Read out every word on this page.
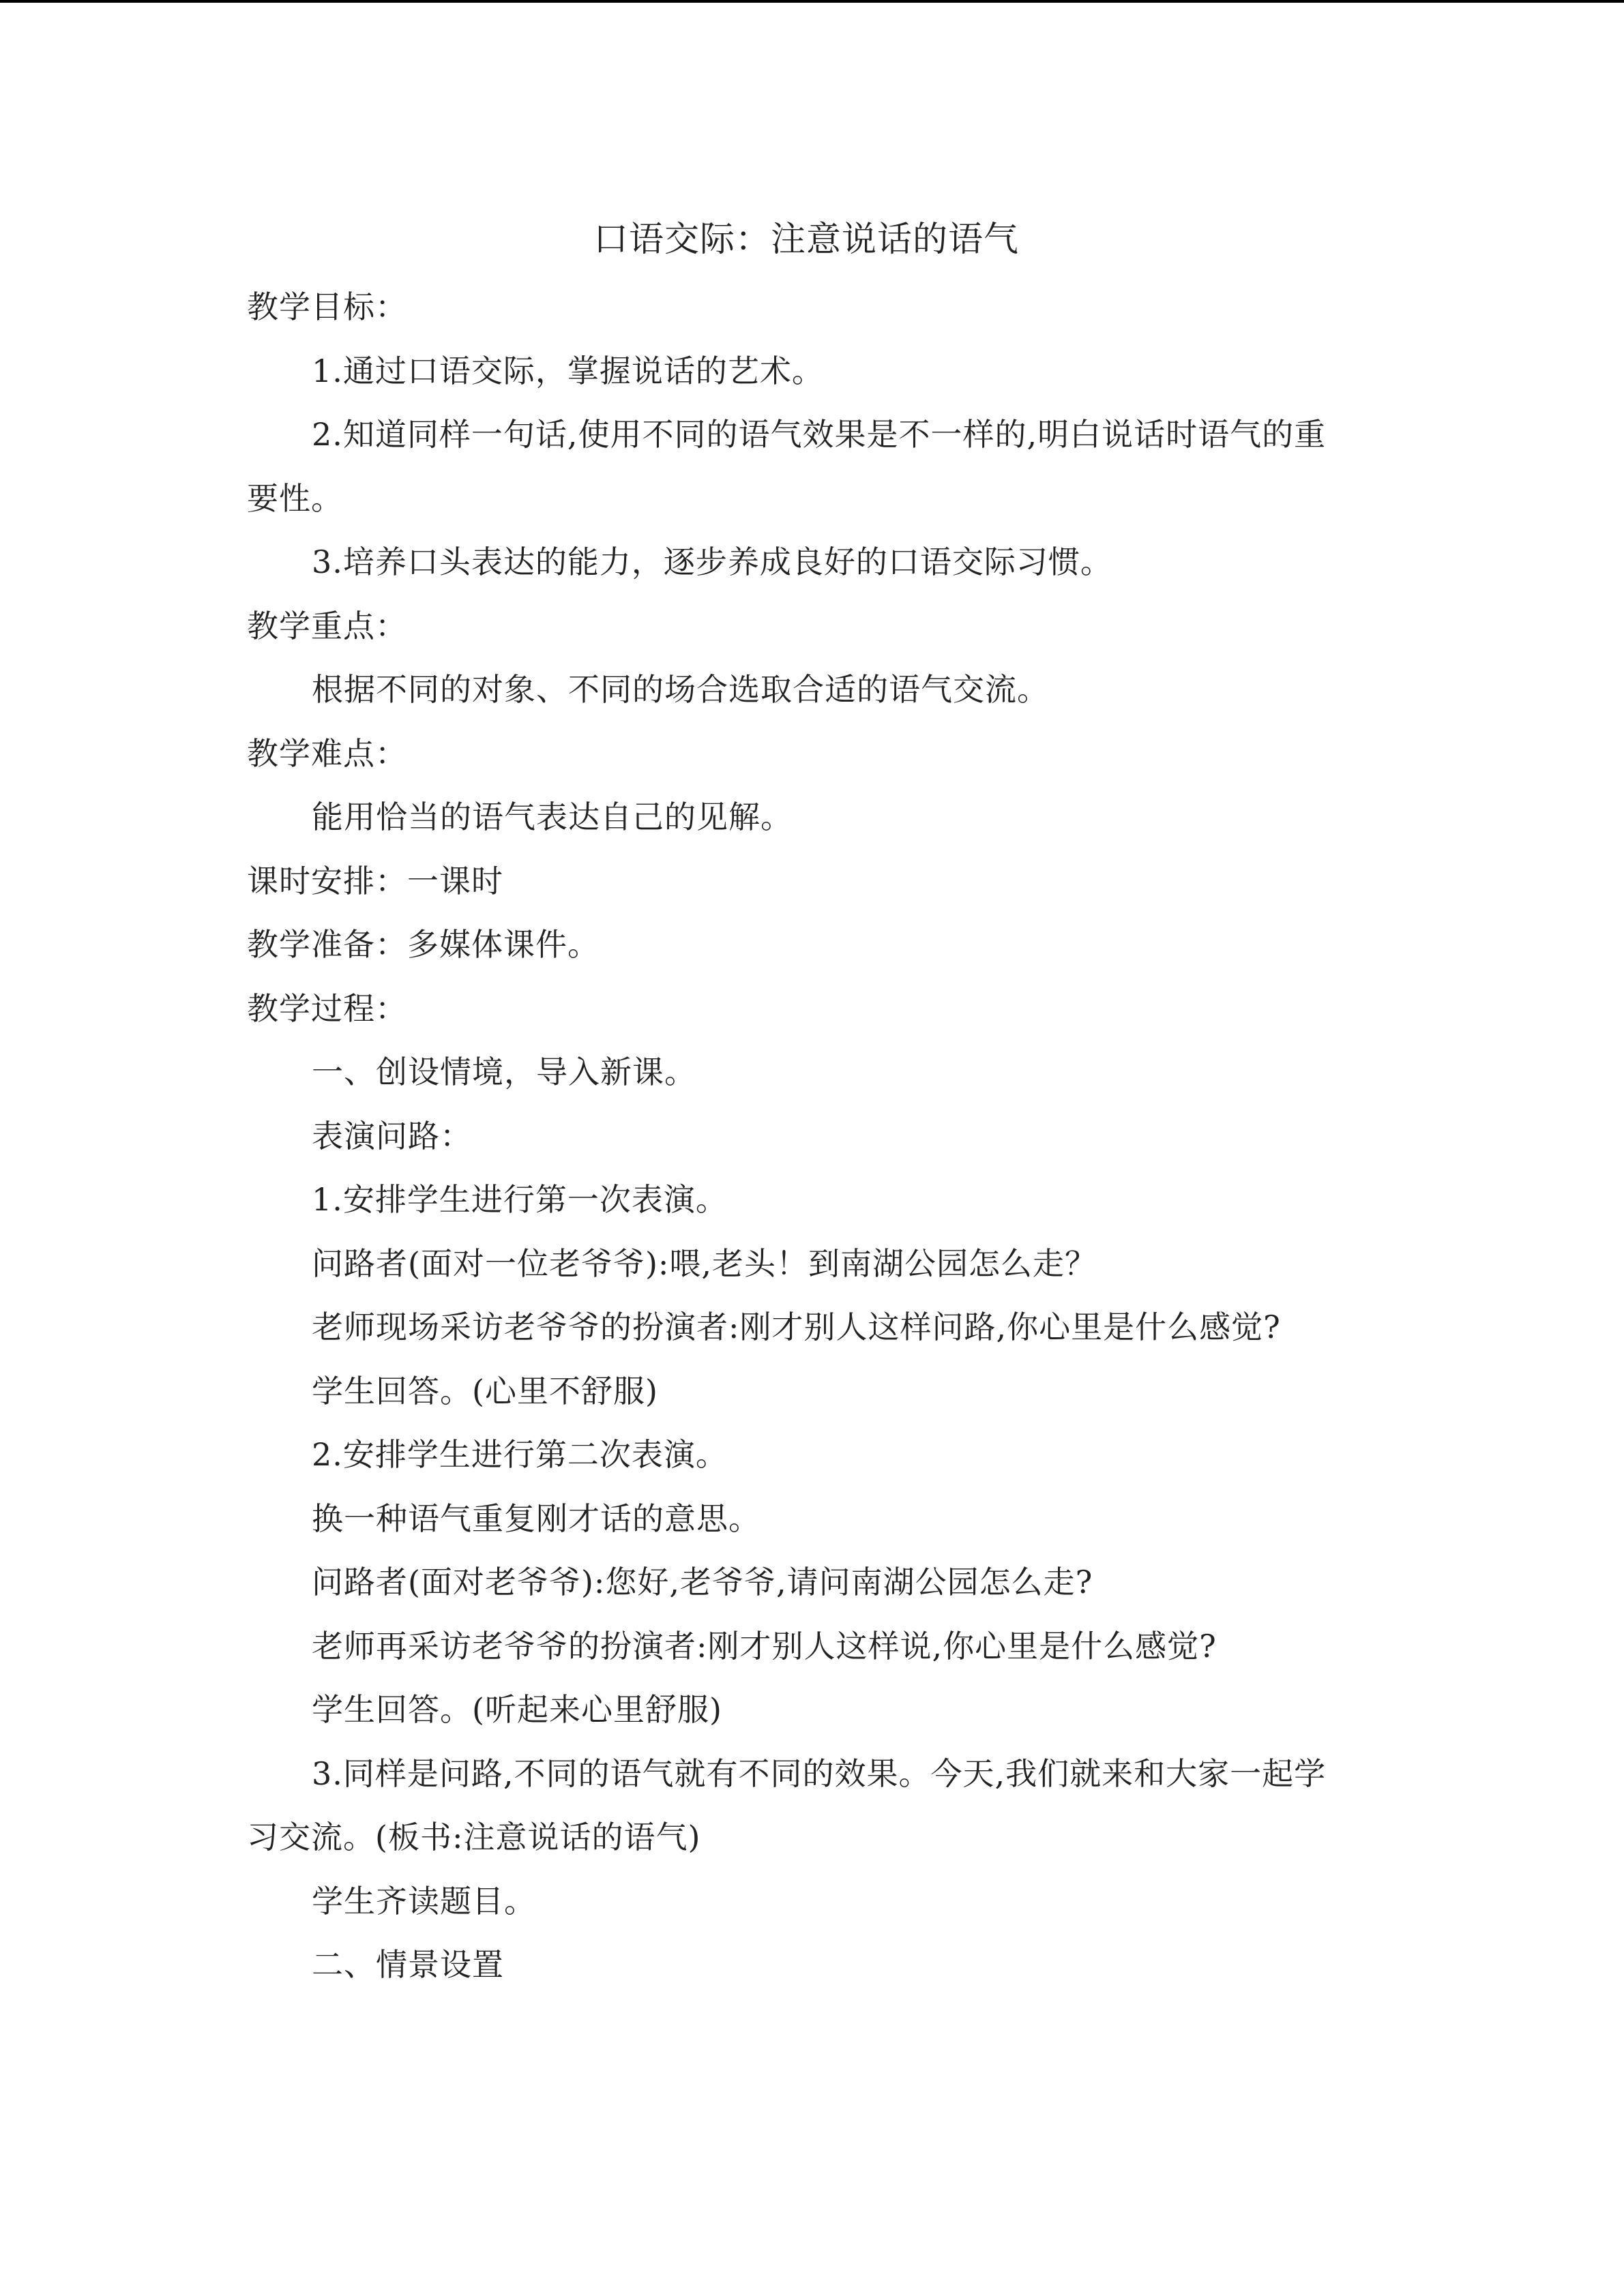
口语交际：注意说话的语气
教学目标：
1.通过口语交际，掌握说话的艺术。
2.知道同样一句话,使用不同的语气效果是不一样的,明白说话时语气的重
要性。
3.培养口头表达的能力，逐步养成良好的口语交际习惯。
教学重点：
根据不同的对象、不同的场合选取合适的语气交流。
教学难点：
能用恰当的语气表达自己的见解。
课时安排：一课时
教学准备：多媒体课件。
教学过程：
一、创设情境，导入新课。
表演问路：
1.安排学生进行第一次表演。
问路者(面对一位老爷爷):喂,老头！到南湖公园怎么走？
老师现场采访老爷爷的扮演者:刚才别人这样问路,你心里是什么感觉?
学生回答。(心里不舒服)
2.安排学生进行第二次表演。
换一种语气重复刚才话的意思。
问路者(面对老爷爷):您好,老爷爷,请问南湖公园怎么走?
老师再采访老爷爷的扮演者:刚才别人这样说,你心里是什么感觉?
学生回答。(听起来心里舒服)
3.同样是问路,不同的语气就有不同的效果。今天,我们就来和大家一起学
习交流。(板书:注意说话的语气)
学生齐读题目。
二、情景设置
